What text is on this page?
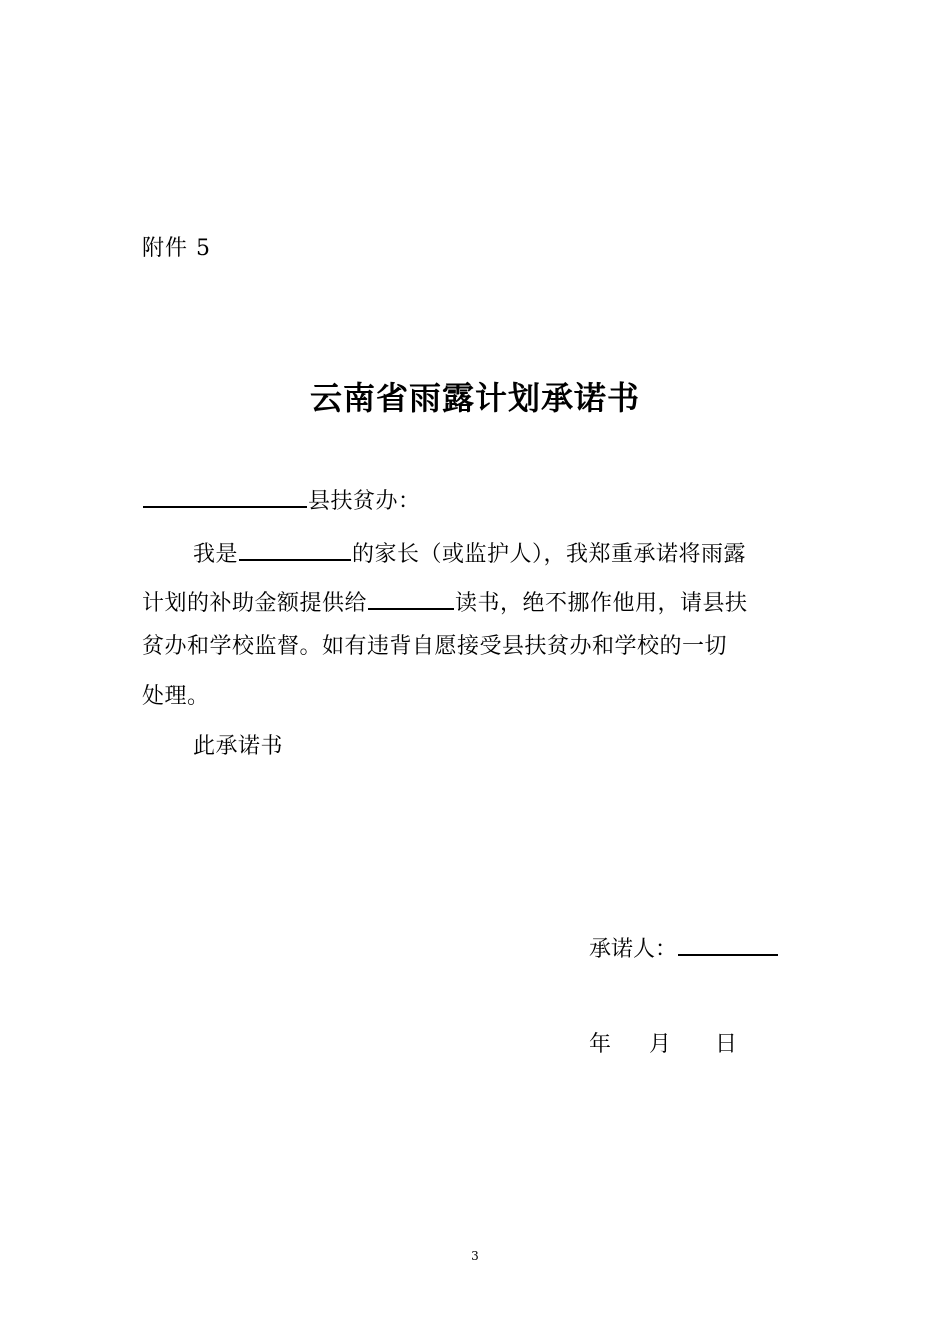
附件 5
云南省雨露计划承诺书
县扶贫办：
我是	的家长（或监护人），我郑重承诺将雨露
计划的补助金额提供给	读书，绝不挪作他用，请县扶
贫办和学校监督。如有违背自愿接受县扶贫办和学校的一切
处理。
此承诺书
承诺人：
年 月 日
3
